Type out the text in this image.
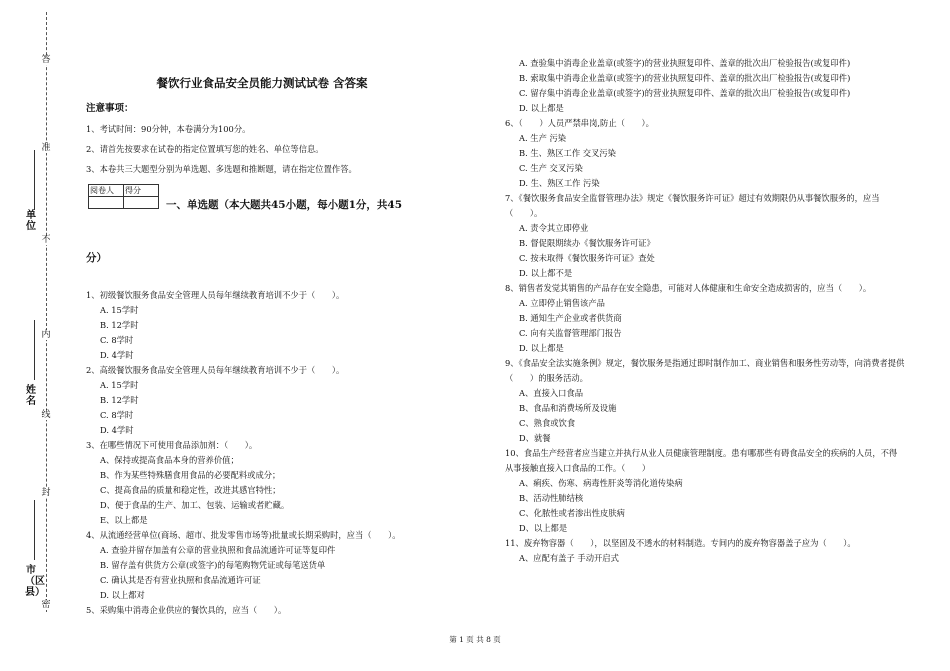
答
准
不
内
线
封
密
单位
姓名
市（区县）
餐饮行业食品安全员能力测试试卷 含答案
注意事项：

1、考试时间：90分钟，本卷满分为100分。

2、请首先按要求在试卷的指定位置填写您的姓名、单位等信息。

3、本卷共三大题型分别为单选题、多选题和推断题，请在指定位置作答。

阅卷人	得分

一、单选题（本大题共45小题，每小题1分，共45
分）

1、初级餐饮服务食品安全管理人员每年继续教育培训不少于（　　）。

A. 15学时

B. 12学时

C. 8学时

D. 4学时

2、高级餐饮服务食品安全管理人员每年继续教育培训不少于（　　）。

A. 15学时

B. 12学时

C. 8学时

D. 4学时

3、在哪些情况下可使用食品添加剂：（　　）。

A、保持或提高食品本身的营养价值；

B、作为某些特殊膳食用食品的必要配料或成分；

C、提高食品的质量和稳定性，改进其感官特性；

D、便于食品的生产、加工、包装、运输或者贮藏。

E、以上都是

4、从流通经营单位(商场、超市、批发零售市场等)批量或长期采购时，应当（　　）。

A. 查验并留存加盖有公章的营业执照和食品流通许可证等复印件

B. 留存盖有供货方公章(或签字)的每笔购物凭证或每笔送货单

C. 确认其是否有营业执照和食品流通许可证

D. 以上都对

5、采购集中消毒企业供应的餐饮具的，应当（　　）。

A. 查验集中消毒企业盖章(或签字)的营业执照复印件、盖章的批次出厂检验报告(或复印件)

B. 索取集中消毒企业盖章(或签字)的营业执照复印件、盖章的批次出厂检验报告(或复印件)

C. 留存集中消毒企业盖章(或签字)的营业执照复印件、盖章的批次出厂检验报告(或复印件)

D. 以上都是

6、（　　）人员严禁串岗,防止（　　）。

A. 生产 污染

B. 生、熟区工作 交叉污染

C. 生产 交叉污染

D. 生、熟区工作 污染

7、《餐饮服务食品安全监督管理办法》规定《餐饮服务许可证》超过有效期限仍从事餐饮服务的，应当（　　）。

A. 责令其立即停业

B. 督促限期续办《餐饮服务许可证》

C. 按未取得《餐饮服务许可证》查处

D. 以上都不是

8、销售者发觉其销售的产品存在安全隐患，可能对人体健康和生命安全造成损害的，应当（　　）。

A. 立即停止销售该产品

B. 通知生产企业或者供货商

C. 向有关监督管理部门报告

D. 以上都是

9、《食品安全法实施条例》规定，餐饮服务是指通过即时制作加工、商业销售和服务性劳动等，向消费者提供（　　）的服务活动。

A、直接入口食品

B、食品和消费场所及设施

C、熟食或饮食

D、就餐

10、食品生产经营者应当建立并执行从业人员健康管理制度。患有哪那些有碍食品安全的疾病的人员，不得从事接触直接入口食品的工作。（　　）

A、痢疾、伤寒、病毒性肝炎等消化道传染病

B、活动性肺结核

C、化脓性或者渗出性皮肤病

D、以上都是

11、废弃物容器（　　），以坚固及不透水的材料制造。专间内的废弃物容器盖子应为（　　）。

A、应配有盖子 手动开启式

第 1 页 共 8 页
